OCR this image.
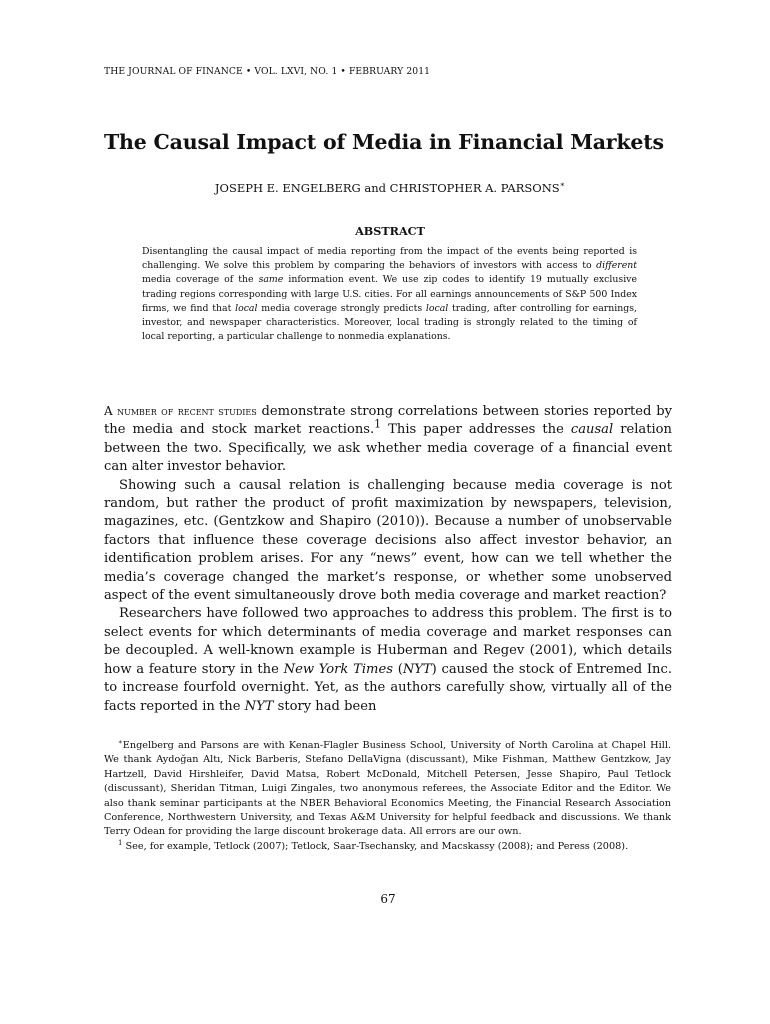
THE JOURNAL OF FINANCE • VOL. LXVI, NO. 1 • FEBRUARY 2011
The Causal Impact of Media in Financial Markets
JOSEPH E. ENGELBERG and CHRISTOPHER A. PARSONS∗
ABSTRACT
Disentangling the causal impact of media reporting from the impact of the events being reported is challenging. We solve this problem by comparing the behaviors of investors with access to different media coverage of the same information event. We use zip codes to identify 19 mutually exclusive trading regions corresponding with large U.S. cities. For all earnings announcements of S&P 500 Index firms, we find that local media coverage strongly predicts local trading, after controlling for earnings, investor, and newspaper characteristics. Moreover, local trading is strongly related to the timing of local reporting, a particular challenge to nonmedia explanations.

A number of recent studies demonstrate strong correlations between stories reported by the media and stock market reactions.$^1$ This paper addresses the causal relation between the two. Specifically, we ask whether media coverage of a financial event can alter investor behavior.

Showing such a causal relation is challenging because media coverage is not random, but rather the product of profit maximization by newspapers, television, magazines, etc. (Gentzkow and Shapiro (2010)). Because a number of unobservable factors that influence these coverage decisions also affect investor behavior, an identification problem arises. For any “news” event, how can we tell whether the media’s coverage changed the market’s response, or whether some unobserved aspect of the event simultaneously drove both media coverage and market reaction?

Researchers have followed two approaches to address this problem. The first is to select events for which determinants of media coverage and market responses can be decoupled. A well-known example is Huberman and Regev (2001), which details how a feature story in the New York Times (NYT) caused the stock of Entremed Inc. to increase fourfold overnight. Yet, as the authors carefully show, virtually all of the facts reported in the NYT story had been

∗Engelberg and Parsons are with Kenan-Flagler Business School, University of North Carolina at Chapel Hill. We thank Aydoğan Altı, Nick Barberis, Stefano DellaVigna (discussant), Mike Fishman, Matthew Gentzkow, Jay Hartzell, David Hirshleifer, David Matsa, Robert McDonald, Mitchell Petersen, Jesse Shapiro, Paul Tetlock (discussant), Sheridan Titman, Luigi Zingales, two anonymous referees, the Associate Editor and the Editor. We also thank seminar participants at the NBER Behavioral Economics Meeting, the Financial Research Association Conference, Northwestern University, and Texas A&M University for helpful feedback and discussions. We thank Terry Odean for providing the large discount brokerage data. All errors are our own.

$^1$ See, for example, Tetlock (2007); Tetlock, Saar-Tsechansky, and Macskassy (2008); and Peress (2008).

67
